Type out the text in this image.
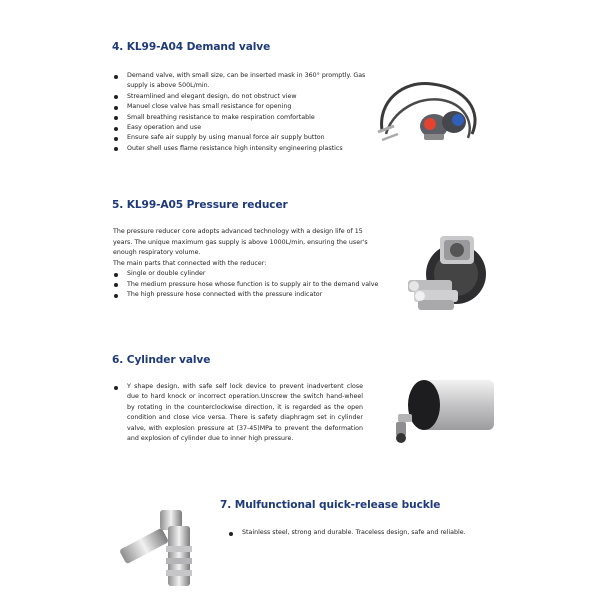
4. KL99-A04 Demand valve
Demand valve, with small size, can be inserted mask in 360° promptly. Gas supply is above 500L/min.
Streamlined and elegant design, do not obstruct view
Manuel close valve has small resistance for opening
Small breathing resistance to make respiration comfortable
Easy operation and use
Ensure safe air supply by using manual force air supply button
Outer shell uses flame resistance high intensity engineering plastics
5. KL99-A05 Pressure reducer

The pressure reducer core adopts advanced technology with a design life of 15 years. The unique maximum gas supply is above 1000L/min, ensuring the user's enough respiratory volume.

The main parts that connected with the reducer:

Single or double cylinder
The medium pressure hose whose function is to supply air to the demand valve
The high pressure hose connected with the pressure indicator
6. Cylinder valve
Y shape design, with safe self lock device to prevent inadvertent close due to hard knock or incorrect operation.Unscrew the switch hand-wheel by rotating in the counterclockwise direction, it is regarded as the open condition and close vice versa. There is safety diaphragm set in cylinder valve, with explosion pressure at (37-45)MPa to prevent the deformation and explosion of cylinder due to inner high pressure.
7. Mulfunctional quick-release buckle
Stainless steel, strong and durable. Traceless design, safe and reliable.
